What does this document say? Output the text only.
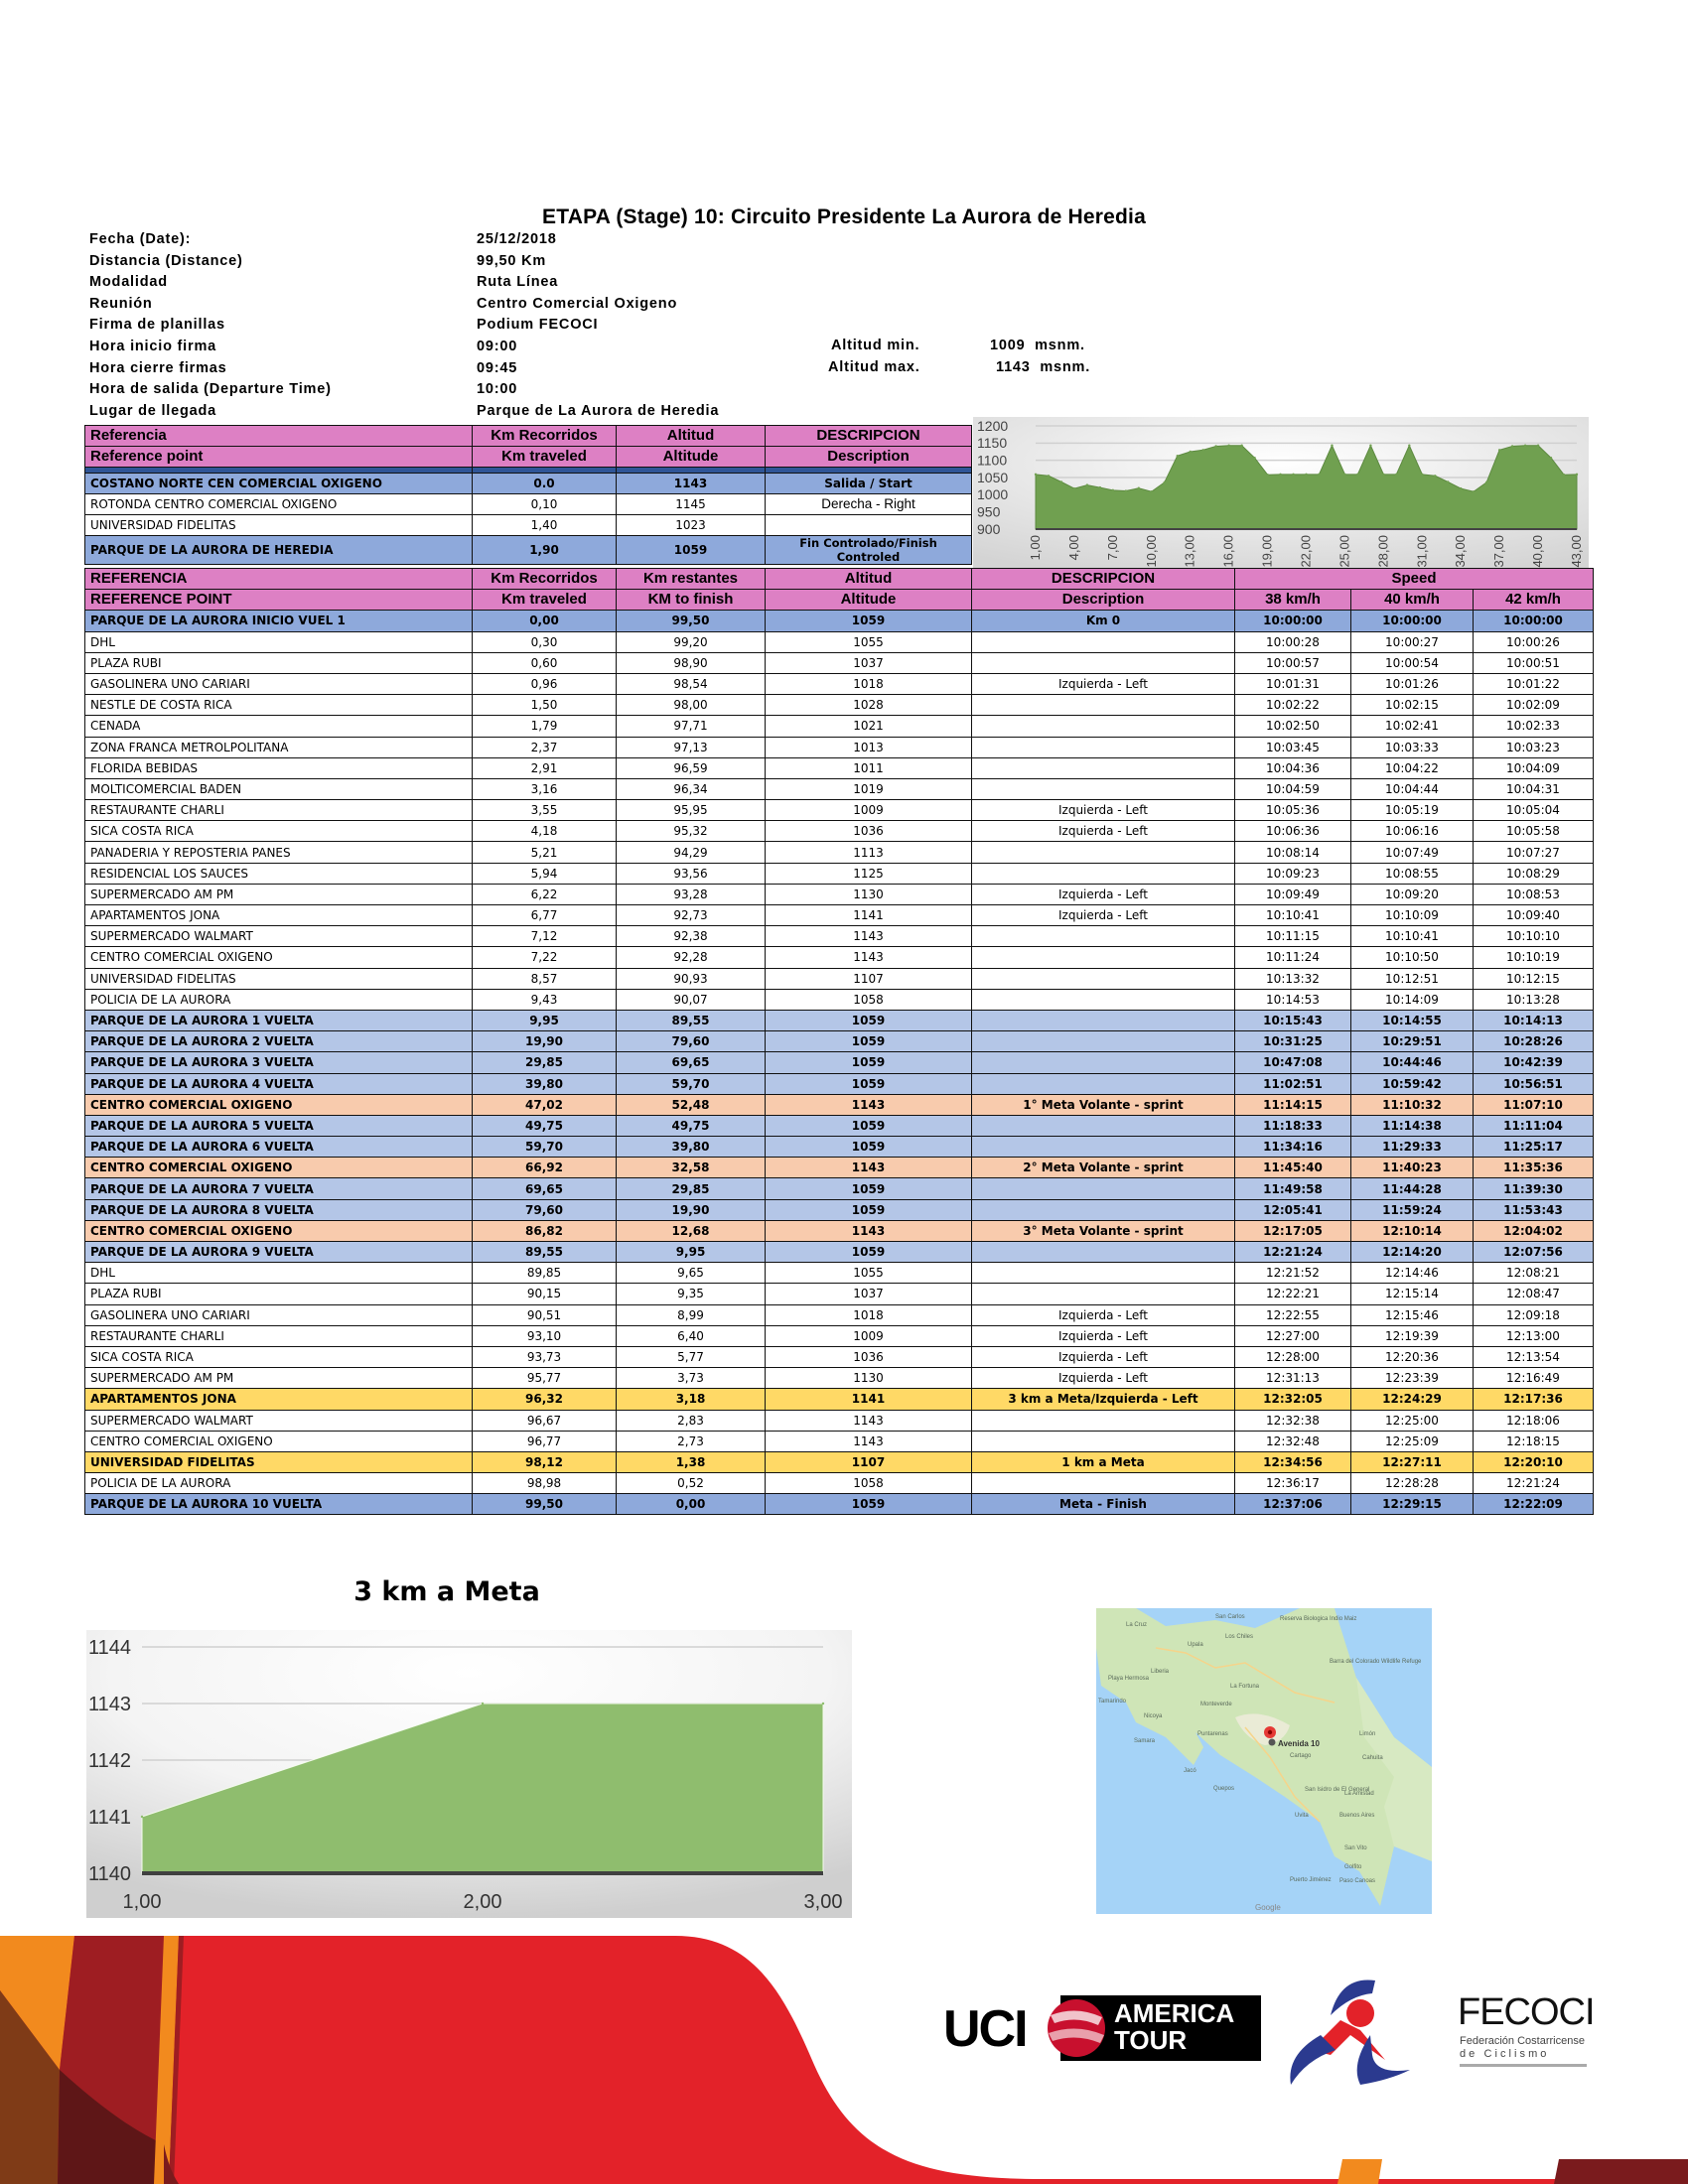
ETAPA (Stage) 10: Circuito Presidente La Aurora de Heredia
Fecha (Date):	25/12/2018
Distancia (Distance)	99,50 Km
Modalidad	Ruta Línea
Reunión	Centro Comercial Oxigeno
Firma de planillas	Podium FECOCI
Hora inicio firma	09:00
Hora cierre firmas	09:45
Hora de salida (Departure Time)	10:00
Lugar de llegada	Parque de La Aurora de Heredia
Altitud min.	1009  msnm.
Altitud max.	1143  msnm.
Referencia	Km Recorridos	Altitud	DESCRIPCION
Reference point	Km traveled	Altitude	Description

COSTANO NORTE CEN COMERCIAL OXIGENO	0.0	1143	Salida / Start
ROTONDA CENTRO COMERCIAL OXIGENO	0,10	1145	Derecha - Right
UNIVERSIDAD FIDELITAS	1,40	1023	
PARQUE DE LA AURORA DE HEREDIA	1,90	1059	Fin Controlado/Finish Controled
1200
1150
1100
1050
1000
950
900
1,00 4,00 7,00 10,00 13,00 16,00 19,00 22,00 25,00 28,00 31,00 34,00 37,00 40,00 43,00
REFERENCIA	Km Recorridos	Km restantes	Altitud	DESCRIPCION	Speed		
REFERENCE POINT	Km traveled	KM to finish	Altitude	Description	38 km/h	40 km/h	42 km/h
PARQUE DE LA AURORA INICIO VUEL 1	0,00	99,50	1059	Km 0	10:00:00	10:00:00	10:00:00
DHL	0,30	99,20	1055		10:00:28	10:00:27	10:00:26
PLAZA RUBI	0,60	98,90	1037		10:00:57	10:00:54	10:00:51
GASOLINERA UNO CARIARI	0,96	98,54	1018	Izquierda - Left	10:01:31	10:01:26	10:01:22
NESTLE DE COSTA RICA	1,50	98,00	1028		10:02:22	10:02:15	10:02:09
CENADA	1,79	97,71	1021		10:02:50	10:02:41	10:02:33
ZONA FRANCA METROLPOLITANA	2,37	97,13	1013		10:03:45	10:03:33	10:03:23
FLORIDA BEBIDAS	2,91	96,59	1011		10:04:36	10:04:22	10:04:09
MOLTICOMERCIAL BADEN	3,16	96,34	1019		10:04:59	10:04:44	10:04:31
RESTAURANTE CHARLI	3,55	95,95	1009	Izquierda - Left	10:05:36	10:05:19	10:05:04
SICA COSTA RICA	4,18	95,32	1036	Izquierda - Left	10:06:36	10:06:16	10:05:58
PANADERIA Y REPOSTERIA PANES	5,21	94,29	1113		10:08:14	10:07:49	10:07:27
RESIDENCIAL LOS SAUCES	5,94	93,56	1125		10:09:23	10:08:55	10:08:29
SUPERMERCADO AM PM	6,22	93,28	1130	Izquierda - Left	10:09:49	10:09:20	10:08:53
APARTAMENTOS JONA	6,77	92,73	1141	Izquierda - Left	10:10:41	10:10:09	10:09:40
SUPERMERCADO WALMART	7,12	92,38	1143		10:11:15	10:10:41	10:10:10
CENTRO COMERCIAL OXIGENO	7,22	92,28	1143		10:11:24	10:10:50	10:10:19
UNIVERSIDAD FIDELITAS	8,57	90,93	1107		10:13:32	10:12:51	10:12:15
POLICIA DE LA AURORA	9,43	90,07	1058		10:14:53	10:14:09	10:13:28
PARQUE DE LA AURORA 1 VUELTA	9,95	89,55	1059		10:15:43	10:14:55	10:14:13
PARQUE DE LA AURORA 2 VUELTA	19,90	79,60	1059		10:31:25	10:29:51	10:28:26
PARQUE DE LA AURORA 3 VUELTA	29,85	69,65	1059		10:47:08	10:44:46	10:42:39
PARQUE DE LA AURORA 4 VUELTA	39,80	59,70	1059		11:02:51	10:59:42	10:56:51
CENTRO COMERCIAL OXIGENO	47,02	52,48	1143	1° Meta Volante - sprint	11:14:15	11:10:32	11:07:10
PARQUE DE LA AURORA 5 VUELTA	49,75	49,75	1059		11:18:33	11:14:38	11:11:04
PARQUE DE LA AURORA 6 VUELTA	59,70	39,80	1059		11:34:16	11:29:33	11:25:17
CENTRO COMERCIAL OXIGENO	66,92	32,58	1143	2° Meta Volante - sprint	11:45:40	11:40:23	11:35:36
PARQUE DE LA AURORA 7 VUELTA	69,65	29,85	1059		11:49:58	11:44:28	11:39:30
PARQUE DE LA AURORA 8 VUELTA	79,60	19,90	1059		12:05:41	11:59:24	11:53:43
CENTRO COMERCIAL OXIGENO	86,82	12,68	1143	3° Meta Volante - sprint	12:17:05	12:10:14	12:04:02
PARQUE DE LA AURORA 9 VUELTA	89,55	9,95	1059		12:21:24	12:14:20	12:07:56
DHL	89,85	9,65	1055		12:21:52	12:14:46	12:08:21
PLAZA RUBI	90,15	9,35	1037		12:22:21	12:15:14	12:08:47
GASOLINERA UNO CARIARI	90,51	8,99	1018	Izquierda - Left	12:22:55	12:15:46	12:09:18
RESTAURANTE CHARLI	93,10	6,40	1009	Izquierda - Left	12:27:00	12:19:39	12:13:00
SICA COSTA RICA	93,73	5,77	1036	Izquierda - Left	12:28:00	12:20:36	12:13:54
SUPERMERCADO AM PM	95,77	3,73	1130	Izquierda - Left	12:31:13	12:23:39	12:16:49
APARTAMENTOS JONA	96,32	3,18	1141	3 km a Meta/Izquierda - Left	12:32:05	12:24:29	12:17:36
SUPERMERCADO WALMART	96,67	2,83	1143		12:32:38	12:25:00	12:18:06
CENTRO COMERCIAL OXIGENO	96,77	2,73	1143		12:32:48	12:25:09	12:18:15
UNIVERSIDAD FIDELITAS	98,12	1,38	1107	1 km a Meta	12:34:56	12:27:11	12:20:10
POLICIA DE LA AURORA	98,98	0,52	1058		12:36:17	12:28:28	12:21:24
PARQUE DE LA AURORA 10 VUELTA	99,50	0,00	1059	Meta - Finish	12:37:06	12:29:15	12:22:09
3 km a Meta
1144
1143
1142
1141
1140
1,00	2,00	3,00
Avenida 10
La Cruz
San Carlos	Reserva Biologica Indio Maiz
Upala
Los Chiles
Barra del Colorado Wildlife Refuge
Liberia
Playa Hermosa
La Fortuna
Tamarindo	Monteverde
Nicoya
Puntarenas	Limón
Samara
Cartago	Cahuita
Jacó
Quepos	San Isidro de El General
La Amistad
Uvita	Buenos Aires
San Vito
Golfito
Puerto Jiménez Paso Canoas
Google
UCI	AMERICA
TOUR
FECOCI
Federación Costarricense
d e   C i c l i s m o
